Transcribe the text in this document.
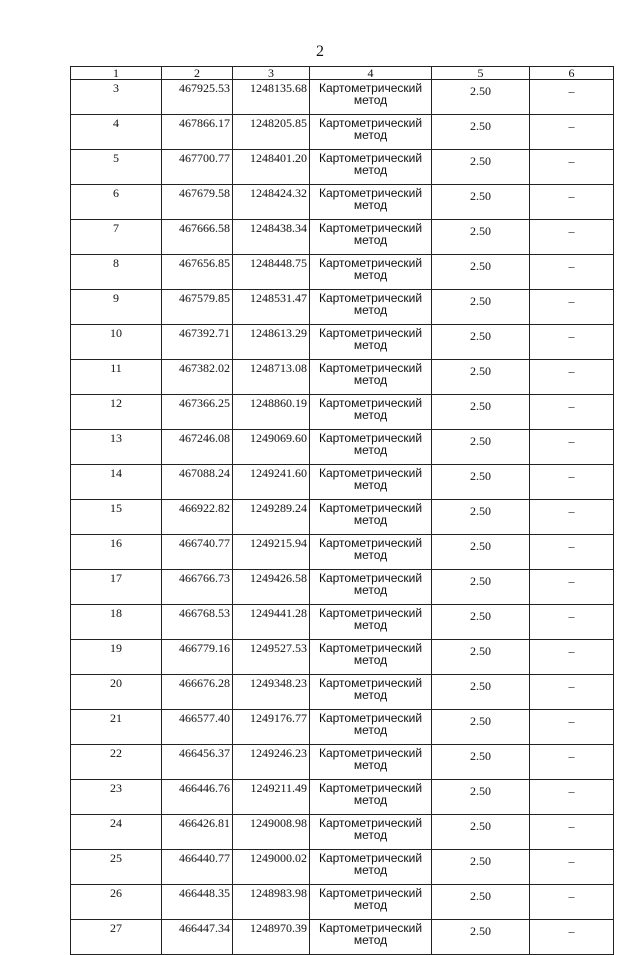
2
1	2	3	4	5	6
3	467925.53	1248135.68	Картометрический метод	2.50	–
4	467866.17	1248205.85	Картометрический метод	2.50	–
5	467700.77	1248401.20	Картометрический метод	2.50	–
6	467679.58	1248424.32	Картометрический метод	2.50	–
7	467666.58	1248438.34	Картометрический метод	2.50	–
8	467656.85	1248448.75	Картометрический метод	2.50	–
9	467579.85	1248531.47	Картометрический метод	2.50	–
10	467392.71	1248613.29	Картометрический метод	2.50	–
11	467382.02	1248713.08	Картометрический метод	2.50	–
12	467366.25	1248860.19	Картометрический метод	2.50	–
13	467246.08	1249069.60	Картометрический метод	2.50	–
14	467088.24	1249241.60	Картометрический метод	2.50	–
15	466922.82	1249289.24	Картометрический метод	2.50	–
16	466740.77	1249215.94	Картометрический метод	2.50	–
17	466766.73	1249426.58	Картометрический метод	2.50	–
18	466768.53	1249441.28	Картометрический метод	2.50	–
19	466779.16	1249527.53	Картометрический метод	2.50	–
20	466676.28	1249348.23	Картометрический метод	2.50	–
21	466577.40	1249176.77	Картометрический метод	2.50	–
22	466456.37	1249246.23	Картометрический метод	2.50	–
23	466446.76	1249211.49	Картометрический метод	2.50	–
24	466426.81	1249008.98	Картометрический метод	2.50	–
25	466440.77	1249000.02	Картометрический метод	2.50	–
26	466448.35	1248983.98	Картометрический метод	2.50	–
27	466447.34	1248970.39	Картометрический метод	2.50	–
